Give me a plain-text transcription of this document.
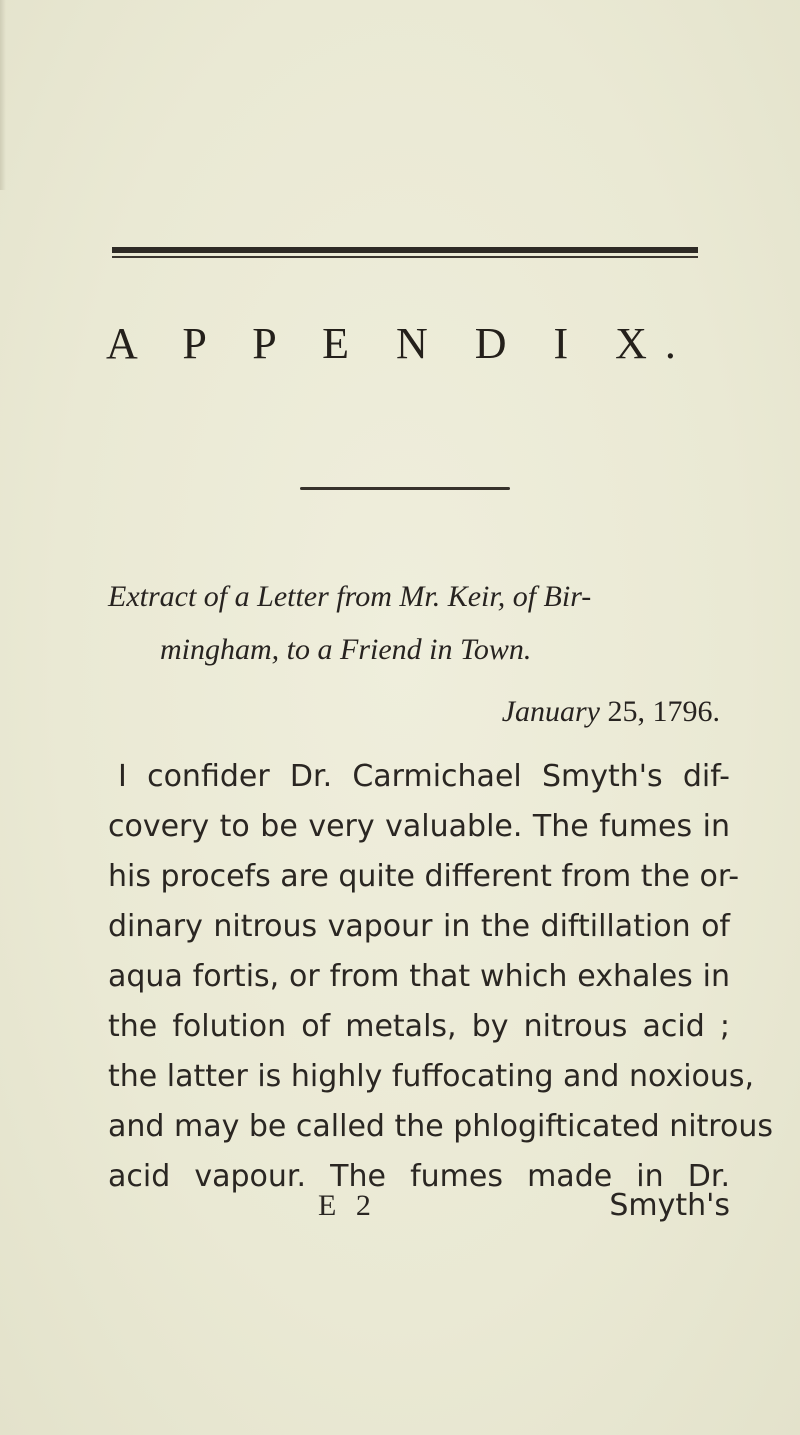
A P P E N D I X.
Extract of a Letter from Mr. Keir, of Bir-
mingham, to a Friend in Town.
January 25, 1796.
I confider Dr. Carmichael Smyth's dif-
covery to be very valuable. The fumes in
his procefs are quite different from the or-
dinary nitrous vapour in the diftillation of
aqua fortis, or from that which exhales in
the folution of metals, by nitrous acid ;
the latter is highly fuffocating and noxious,
and may be called the phlogifticated nitrous
acid vapour. The fumes made in Dr.
E 2	Smyth's
